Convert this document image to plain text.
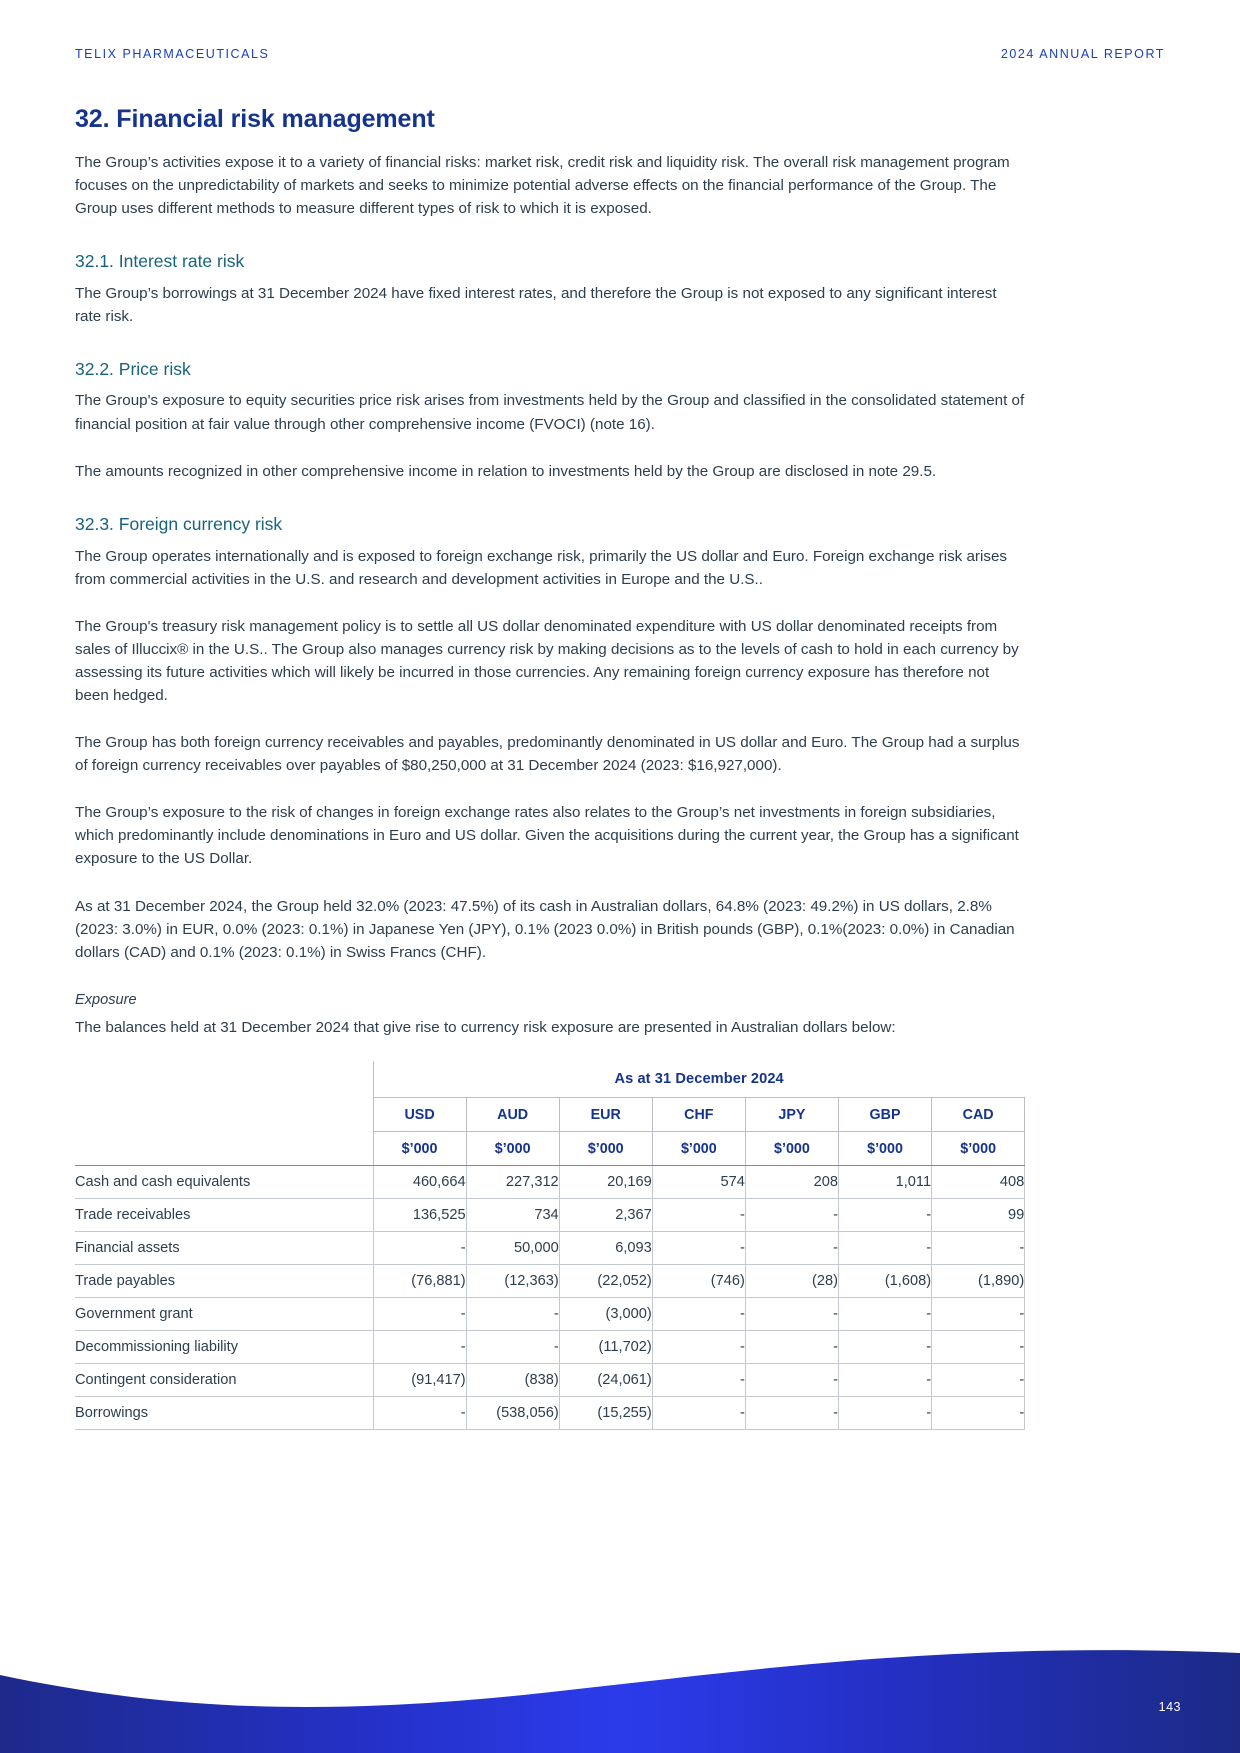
TELIX PHARMACEUTICALS	2024 ANNUAL REPORT
32. Financial risk management

The Group’s activities expose it to a variety of financial risks: market risk, credit risk and liquidity risk. The overall risk management program focuses on the unpredictability of markets and seeks to minimize potential adverse effects on the financial performance of the Group. The Group uses different methods to measure different types of risk to which it is exposed.

32.1. Interest rate risk

The Group’s borrowings at 31 December 2024 have fixed interest rates, and therefore the Group is not exposed to any significant interest rate risk.

32.2. Price risk

The Group's exposure to equity securities price risk arises from investments held by the Group and classified in the consolidated statement of financial position at fair value through other comprehensive income (FVOCI) (note 16).

The amounts recognized in other comprehensive income in relation to investments held by the Group are disclosed in note 29.5.

32.3. Foreign currency risk

The Group operates internationally and is exposed to foreign exchange risk, primarily the US dollar and Euro. Foreign exchange risk arises from commercial activities in the U.S. and research and development activities in Europe and the U.S..

The Group's treasury risk management policy is to settle all US dollar denominated expenditure with US dollar denominated receipts from sales of Illuccix® in the U.S.. The Group also manages currency risk by making decisions as to the levels of cash to hold in each currency by assessing its future activities which will likely be incurred in those currencies. Any remaining foreign currency exposure has therefore not been hedged.

The Group has both foreign currency receivables and payables, predominantly denominated in US dollar and Euro. The Group had a surplus of foreign currency receivables over payables of $80,250,000 at 31 December 2024 (2023: $16,927,000).

The Group’s exposure to the risk of changes in foreign exchange rates also relates to the Group’s net investments in foreign subsidiaries, which predominantly include denominations in Euro and US dollar. Given the acquisitions during the current year, the Group has a significant exposure to the US Dollar.

As at 31 December 2024, the Group held 32.0% (2023: 47.5%) of its cash in Australian dollars, 64.8% (2023: 49.2%) in US dollars, 2.8% (2023: 3.0%) in EUR, 0.0% (2023: 0.1%) in Japanese Yen (JPY), 0.1% (2023 0.0%) in British pounds (GBP), 0.1%(2023: 0.0%) in Canadian dollars (CAD) and 0.1% (2023: 0.1%) in Swiss Francs (CHF).

Exposure

The balances held at 31 December 2024 that give rise to currency risk exposure are presented in Australian dollars below:

	As at 31 December 2024						
	USD	AUD	EUR	CHF	JPY	GBP	CAD
	$’000	$’000	$’000	$’000	$’000	$’000	$’000
Cash and cash equivalents	460,664	227,312	20,169	574	208	1,011	408
Trade receivables	136,525	734	2,367	-	-	-	99
Financial assets	-	50,000	6,093	-	-	-	-
Trade payables	(76,881)	(12,363)	(22,052)	(746)	(28)	(1,608)	(1,890)
Government grant	-	-	(3,000)	-	-	-	-
Decommissioning liability	-	-	(11,702)	-	-	-	-
Contingent consideration	(91,417)	(838)	(24,061)	-	-	-	-
Borrowings	-	(538,056)	(15,255)	-	-	-	-
143
